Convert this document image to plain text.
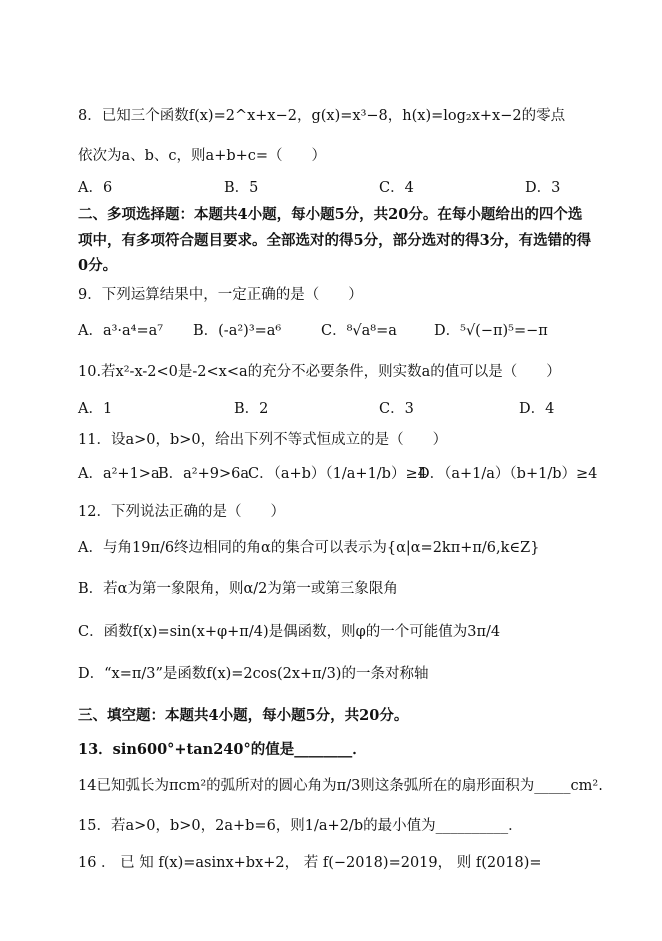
8．已知三个函数f(x)=2^x+x−2，g(x)=x³−8，h(x)=log₂x+x−2的零点
依次为a、b、c，则a+b+c=（　　）
A．6	B．5	C．4	D．3
二、多项选择题：本题共4小题，每小题5分，共20分。在每小题给出的四个选
项中，有多项符合题目要求。全部选对的得5分，部分选对的得3分，有选错的得
0分。
9．下列运算结果中，一定正确的是（　　）
A．a³·a⁴=a⁷ B．(-a²)³=a⁶	C．⁸√a⁸=a	D．⁵√(−π)⁵=−π
10.若x²-x-2<0是-2<x<a的充分不必要条件，则实数a的值可以是（　　）
A．1	B．2	C．3	D．4
11．设a>0，b>0，给出下列不等式恒成立的是（　　）
A．a²+1>a
B．a²+9>6a
C．（a+b）（1/a+1/b）≥4
D．（a+1/a）（b+1/b）≥4
12．下列说法正确的是（　　）
A．与角19π/6终边相同的角α的集合可以表示为{α|α=2kπ+π/6,k∈Z}
B．若α为第一象限角，则α/2为第一或第三象限角
C．函数f(x)=sin(x+φ+π/4)是偶函数，则φ的一个可能值为3π/4
D．“x=π/3”是函数f(x)=2cos(2x+π/3)的一条对称轴
三、填空题：本题共4小题，每小题5分，共20分。
13．sin600°+tan240°的值是________．
14已知弧长为πcm²的弧所对的圆心角为π/3则这条弧所在的扇形面积为_____cm².
15．若a>0，b>0，2a+b=6，则1/a+2/b的最小值为__________．
16 ． 已 知 f(x)=asinx+bx+2， 若 f(−2018)=2019， 则 f(2018)=
